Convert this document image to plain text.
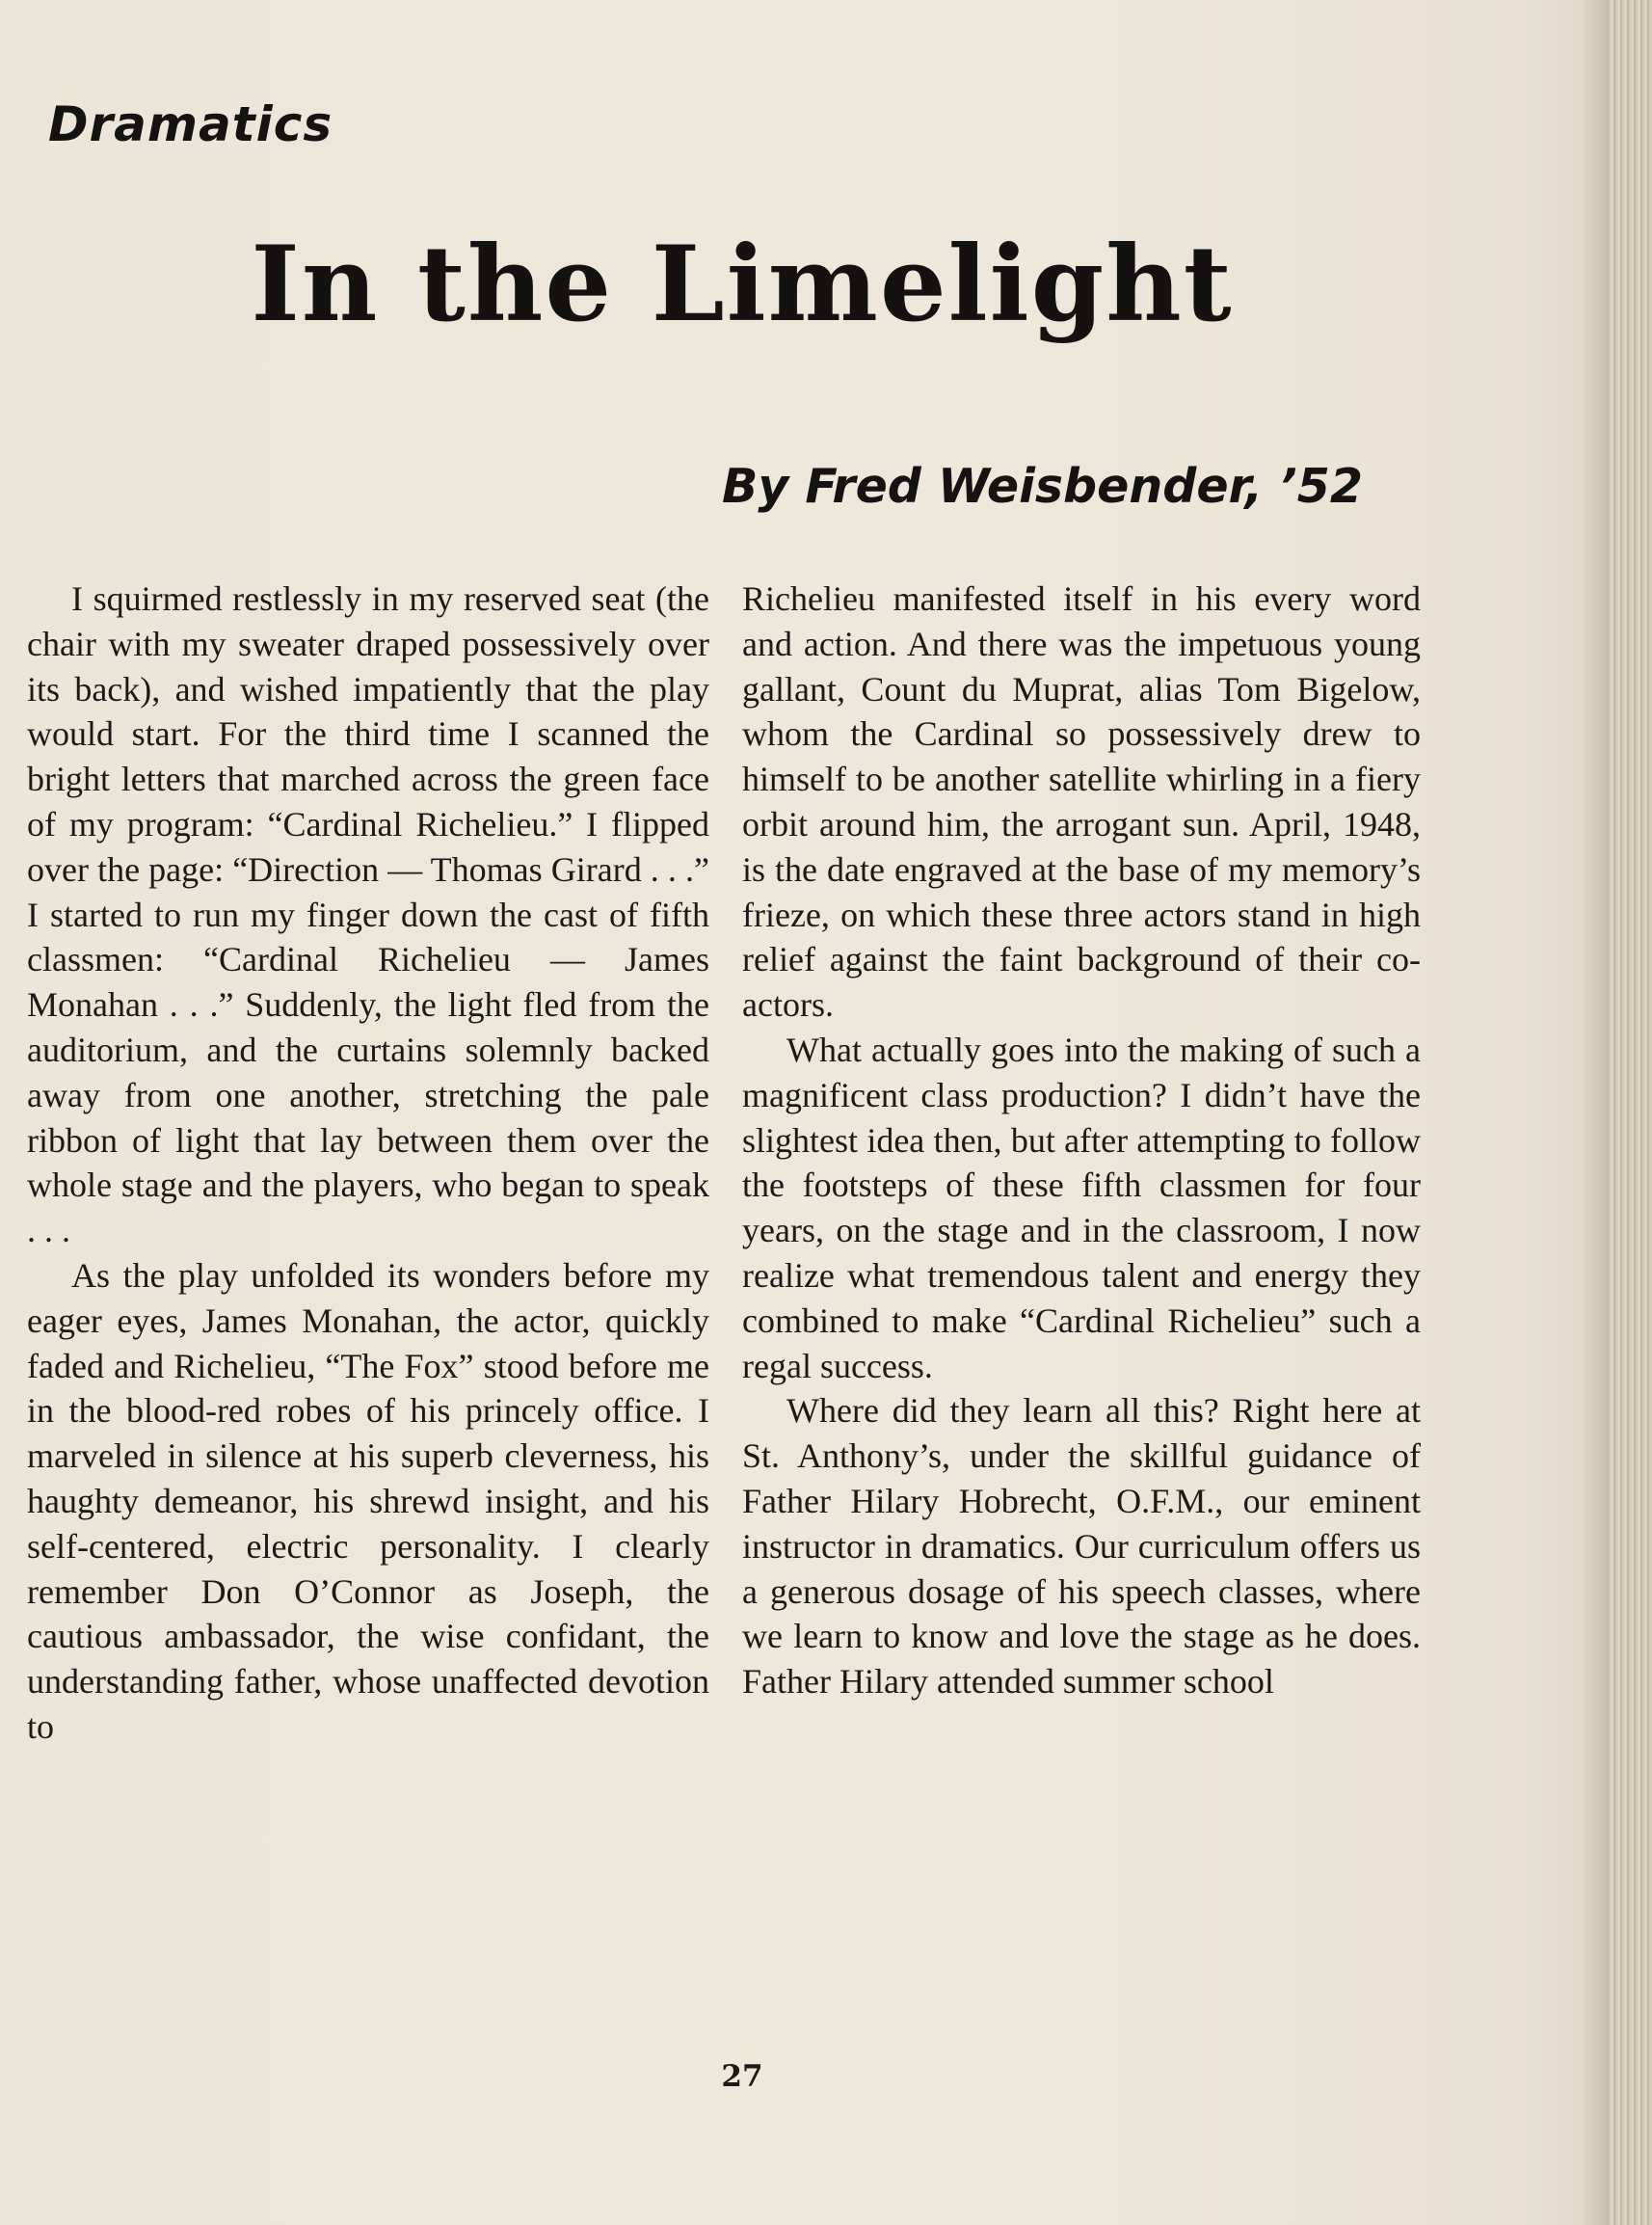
Dramatics
In the Limelight
By Fred Weisbender, ’52

I squirmed restlessly in my reserved seat (the chair with my sweater draped possessively over its back), and wished impatiently that the play would start. For the third time I scanned the bright letters that marched across the green face of my program: “Cardinal Richelieu.” I flipped over the page: “Direction — Thomas Girard . . .” I started to run my finger down the cast of fifth classmen: “Cardinal Richelieu — James Monahan . . .” Suddenly, the light fled from the auditorium, and the curtains solemnly backed away from one another, stretching the pale ribbon of light that lay between them over the whole stage and the players, who began to speak . . .

As the play unfolded its wonders before my eager eyes, James Monahan, the actor, quickly faded and Richelieu, “The Fox” stood before me in the blood-red robes of his princely office. I marveled in silence at his superb cleverness, his haughty demeanor, his shrewd insight, and his self-centered, electric personality. I clearly remember Don O’Connor as Joseph, the cautious ambassador, the wise confidant, the understanding father, whose unaffected devotion to

Richelieu manifested itself in his every word and action. And there was the impetuous young gallant, Count du Muprat, alias Tom Bigelow, whom the Cardinal so possessively drew to himself to be another satellite whirling in a fiery orbit around him, the arrogant sun. April, 1948, is the date engraved at the base of my memory’s frieze, on which these three actors stand in high relief against the faint background of their co-actors.

What actually goes into the making of such a magnificent class production? I didn’t have the slightest idea then, but after attempting to follow the footsteps of these fifth classmen for four years, on the stage and in the classroom, I now realize what tremendous talent and energy they combined to make “Cardinal Richelieu” such a regal success.

Where did they learn all this? Right here at St. Anthony’s, under the skillful guidance of Father Hilary Hobrecht, O.F.M., our eminent instructor in dramatics. Our curriculum offers us a generous dosage of his speech classes, where we learn to know and love the stage as he does. Father Hilary attended summer school

27
